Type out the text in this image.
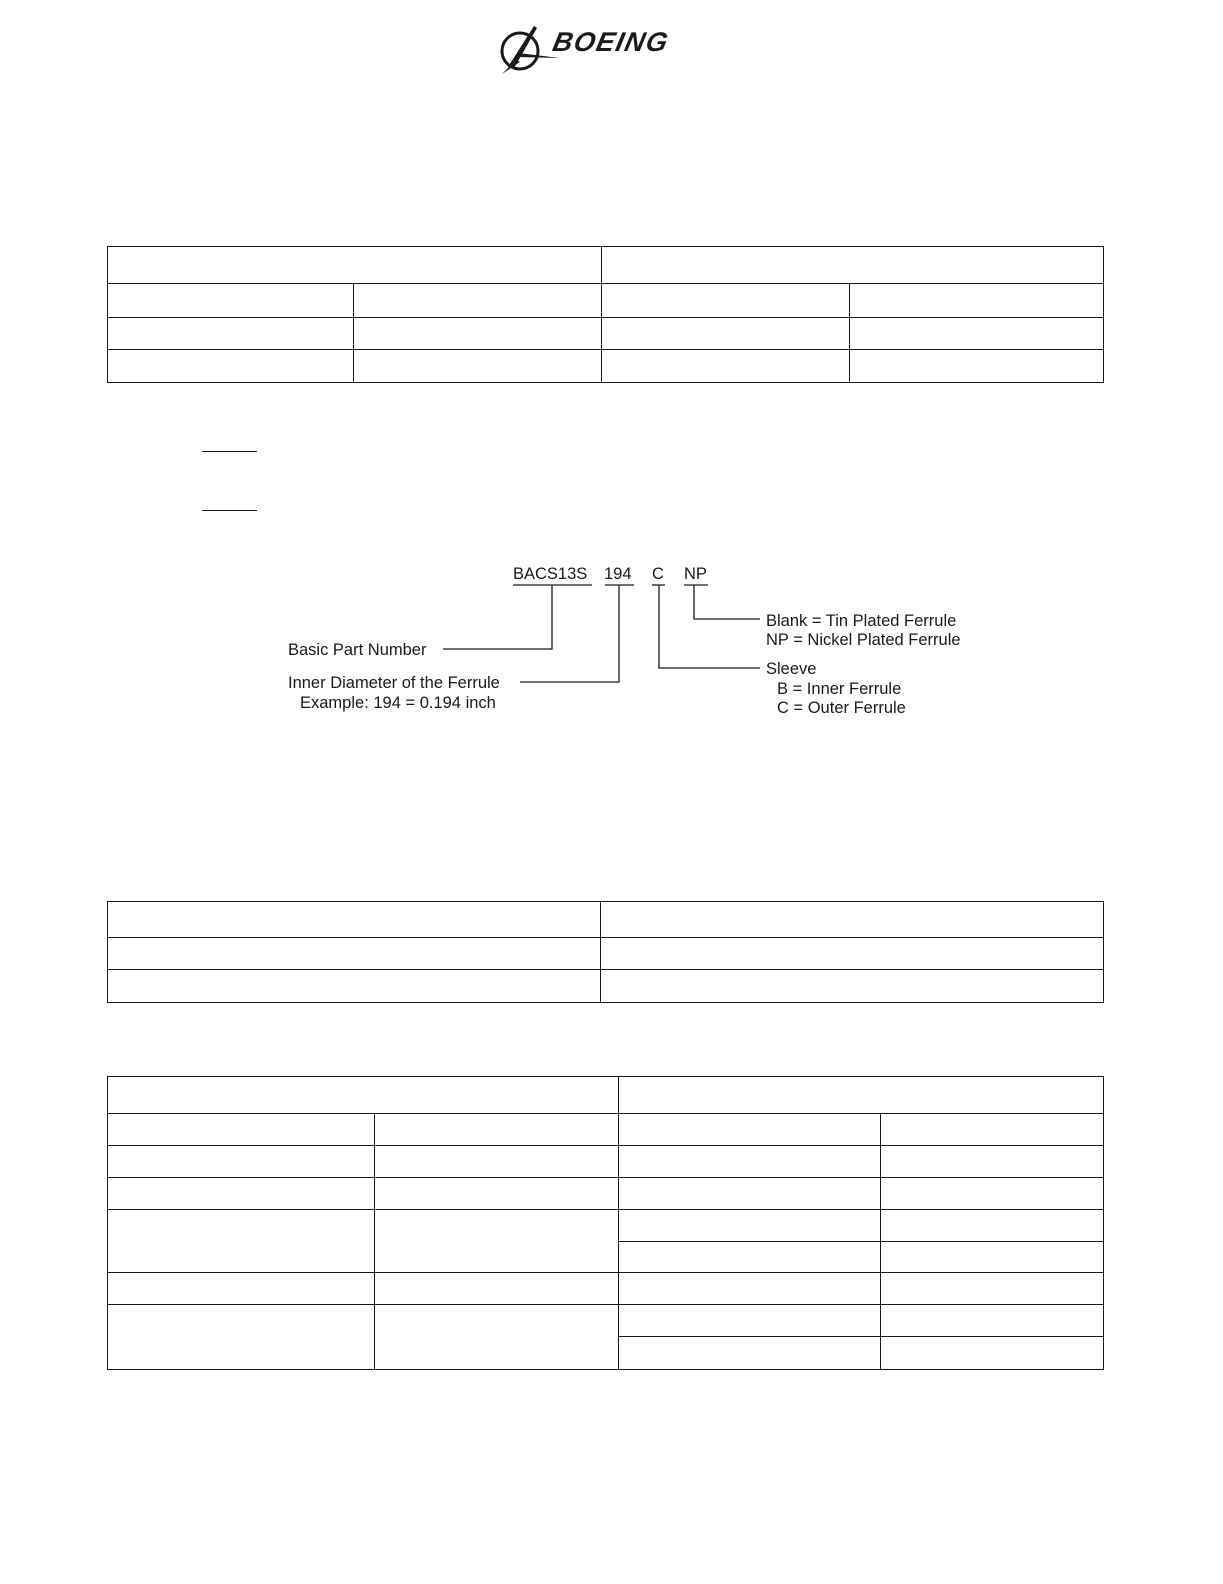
BOEING

BACS13S 194 C NP
Basic Part Number
Inner Diameter of the Ferrule
Example: 194 = 0.194 inch
Blank = Tin Plated Ferrule
NP = Nickel Plated Ferrule
Sleeve
B = Inner Ferrule
C = Outer Ferrule
